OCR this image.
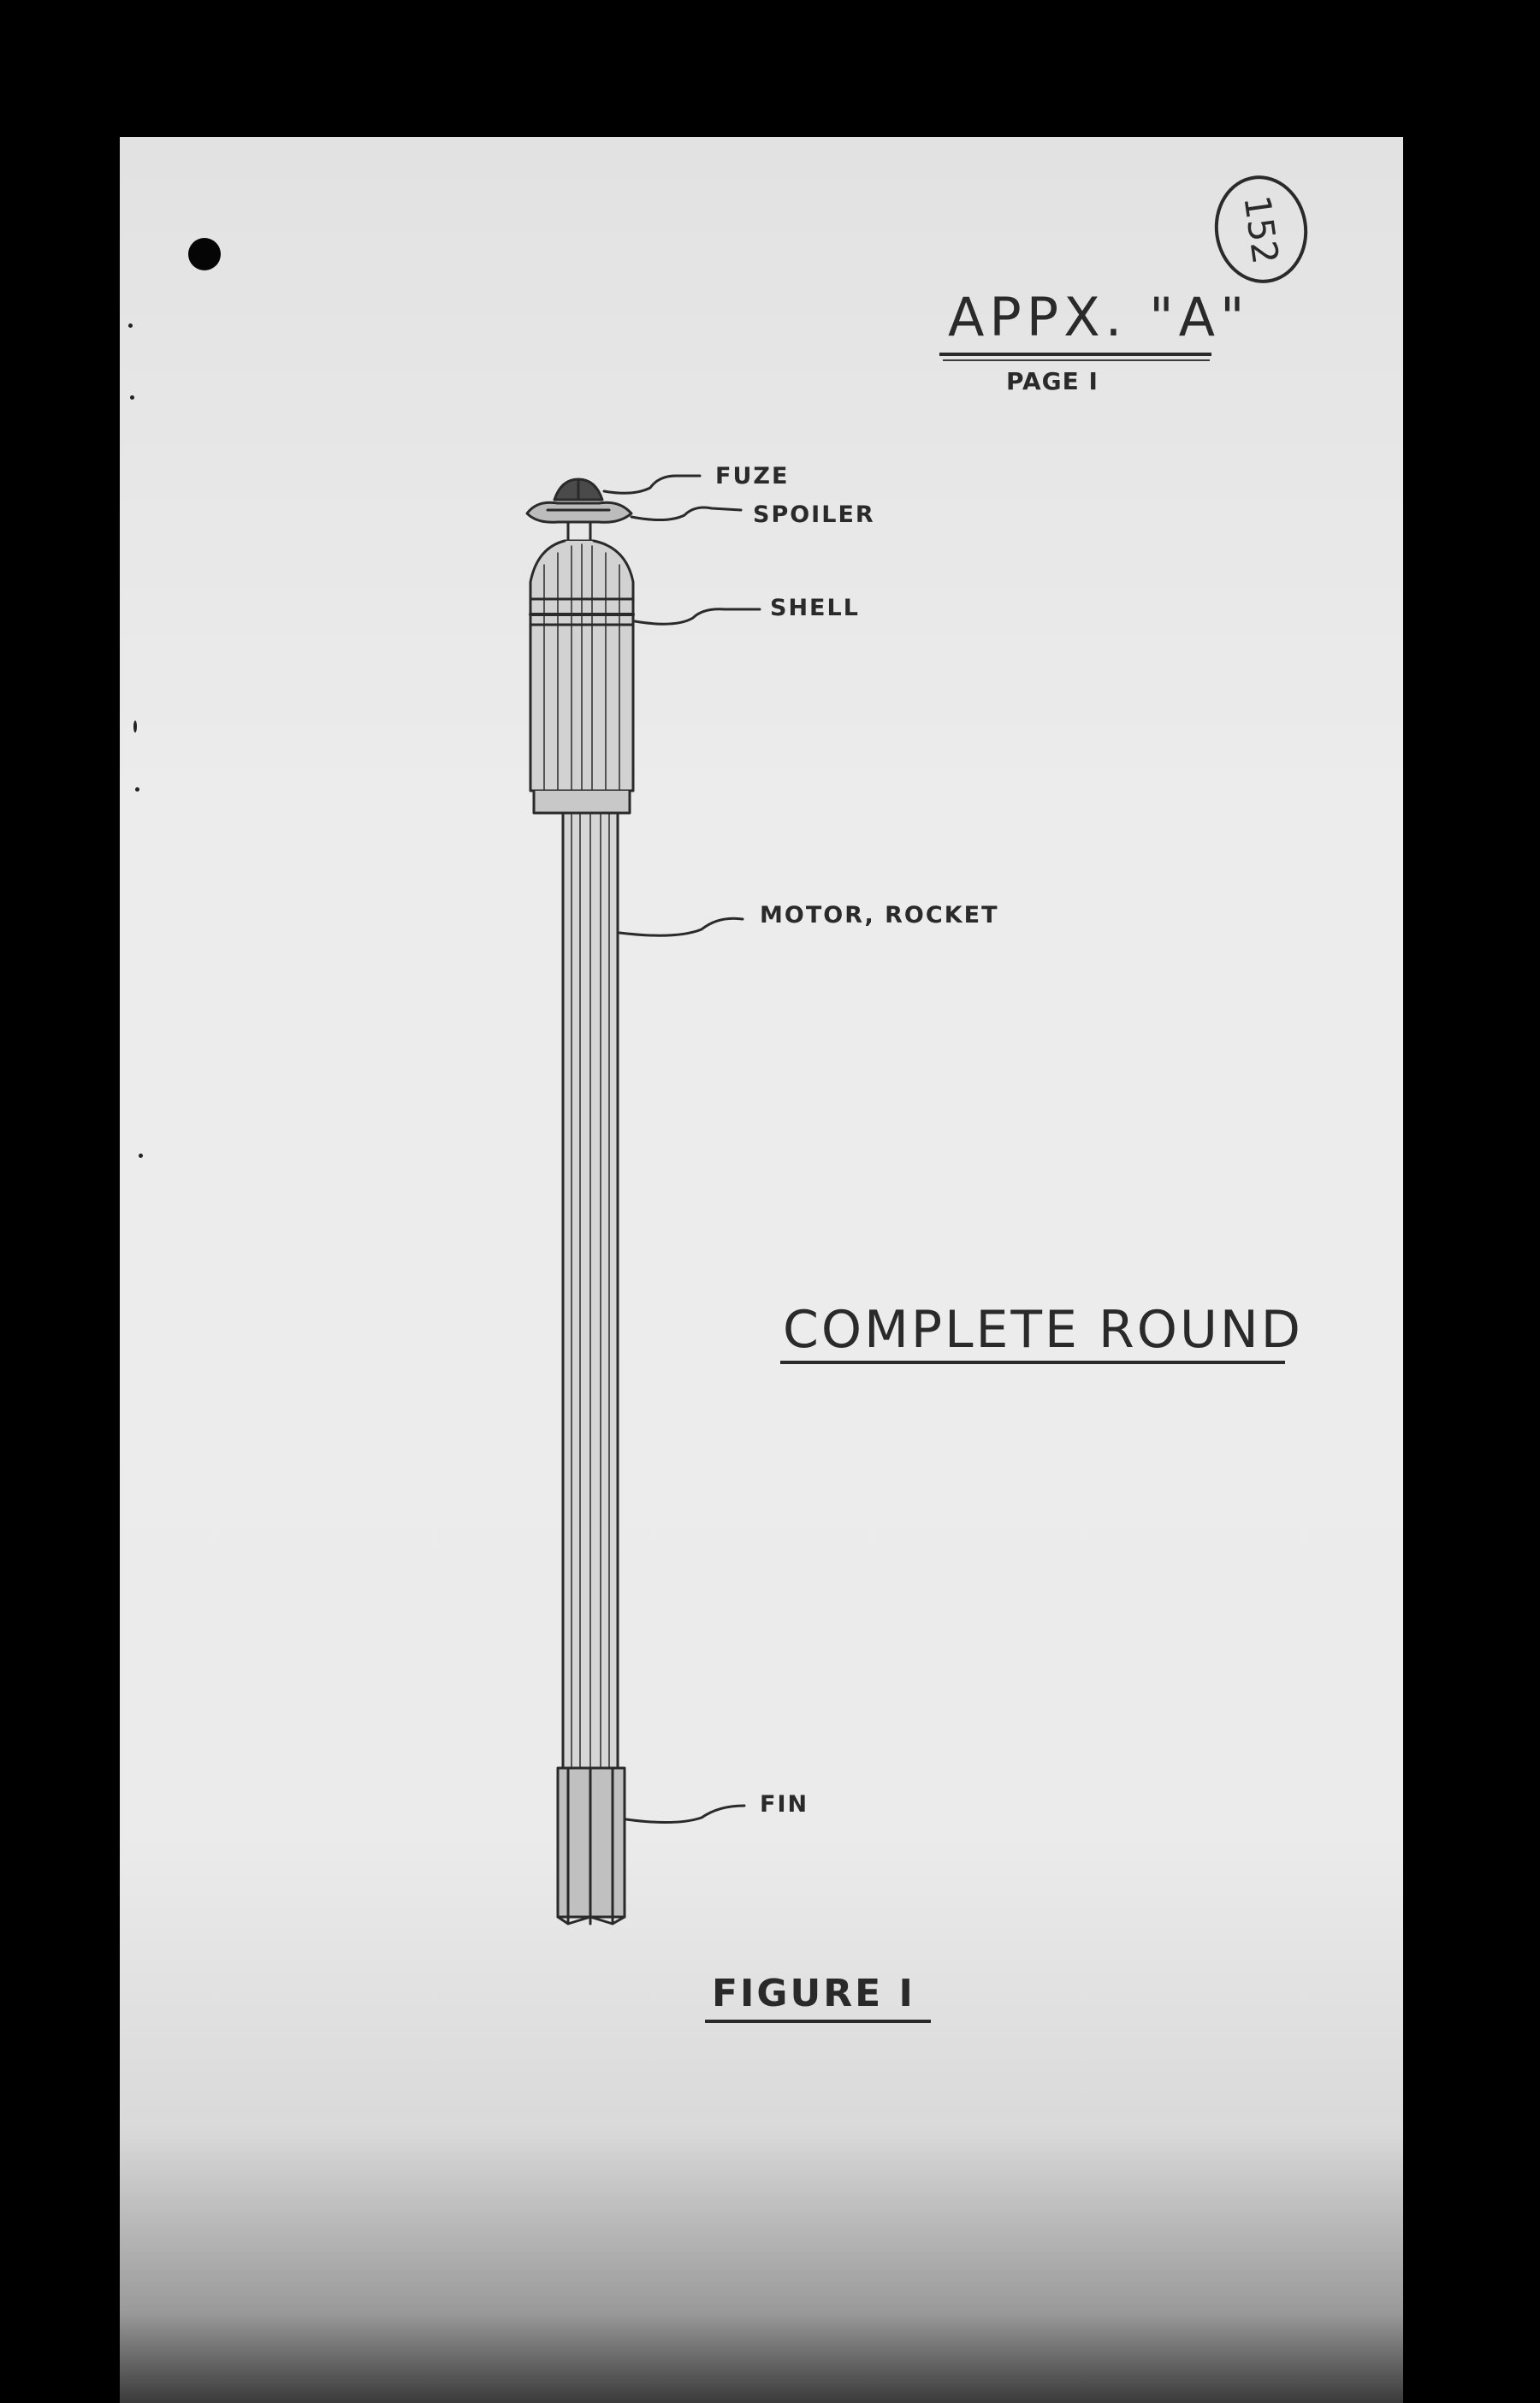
152
APPX. "A"
PAGE I
FUZE
SPOILER
SHELL
MOTOR, ROCKET
FIN
COMPLETE ROUND
FIGURE I
